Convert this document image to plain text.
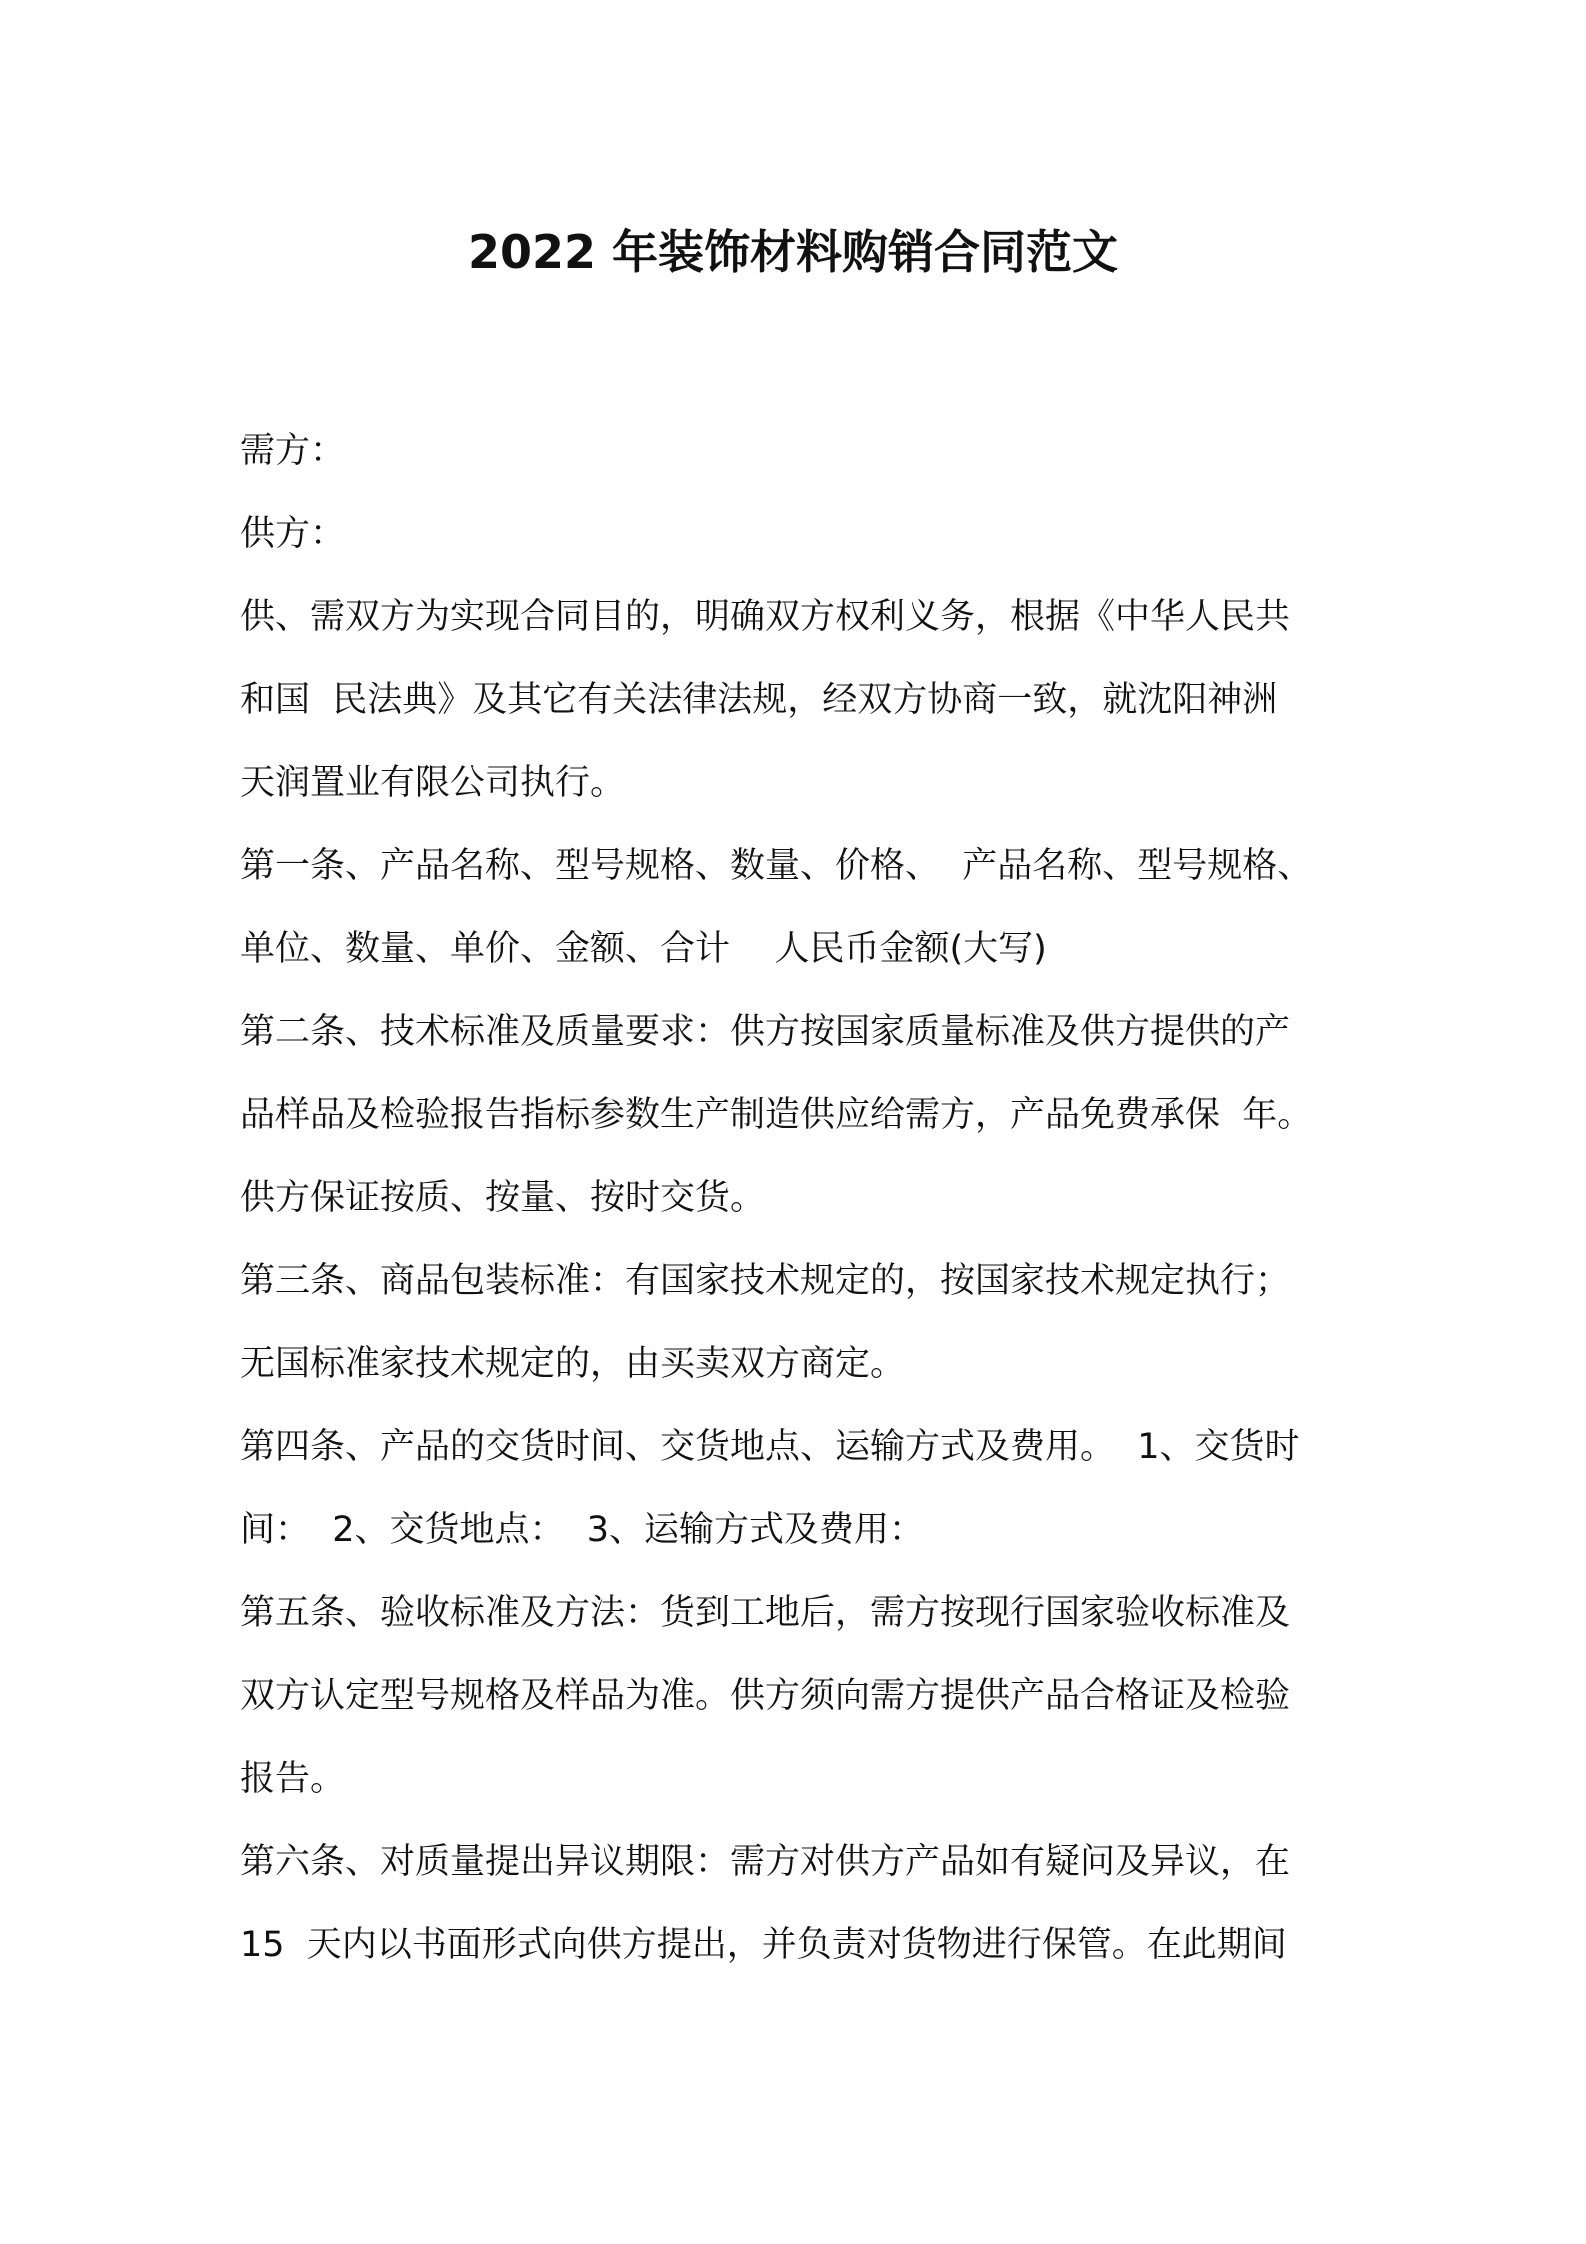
2022 年装饰材料购销合同范文
需方：
供方：
供、需双方为实现合同目的，明确双方权利义务，根据《中华人民共
和国  民法典》及其它有关法律法规，经双方协商一致，就沈阳神洲
天润置业有限公司执行。
第一条、产品名称、型号规格、数量、价格、  产品名称、型号规格、
单位、数量、单价、金额、合计    人民币金额(大写)
第二条、技术标准及质量要求：供方按国家质量标准及供方提供的产
品样品及检验报告指标参数生产制造供应给需方，产品免费承保  年。
供方保证按质、按量、按时交货。
第三条、商品包装标准：有国家技术规定的，按国家技术规定执行；
无国标准家技术规定的，由买卖双方商定。
第四条、产品的交货时间、交货地点、运输方式及费用。  1、交货时
间：  2、交货地点：  3、运输方式及费用：
第五条、验收标准及方法：货到工地后，需方按现行国家验收标准及
双方认定型号规格及样品为准。供方须向需方提供产品合格证及检验
报告。
第六条、对质量提出异议期限：需方对供方产品如有疑问及异议，在
15  天内以书面形式向供方提出，并负责对货物进行保管。在此期间
